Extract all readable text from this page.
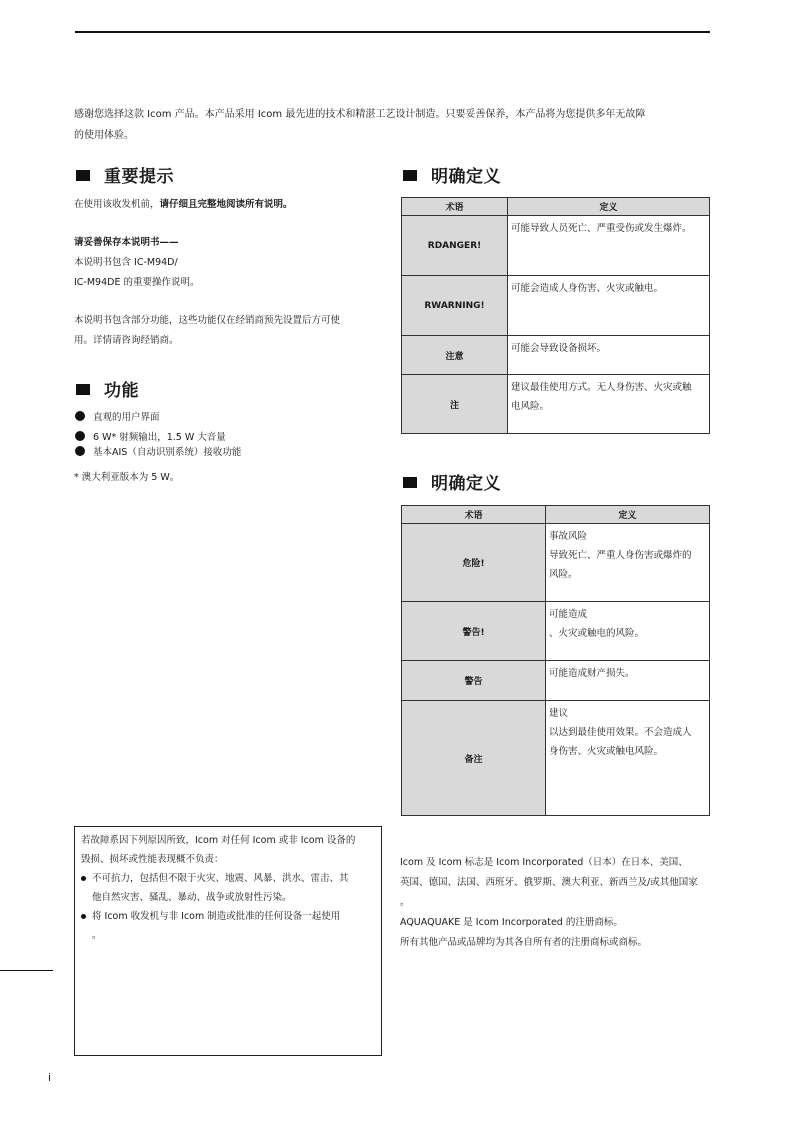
感谢您选择这款 Icom 产品。本产品采用 Icom 最先进的技术和精湛工艺设计制造。只要妥善保养，本产品将为您提供多年无故障
的使用体验。
重要提示
在使用该收发机前，请仔细且完整地阅读所有说明。
请妥善保存本说明书——
本说明书包含 IC-M94D/
IC-M94DE 的重要操作说明。
本说明书包含部分功能，这些功能仅在经销商预先设置后方可使
用。详情请咨询经销商。
功能
直观的用户界面
6 W* 射频输出，1.5 W 大音量
基本AIS（自动识别系统）接收功能
* 澳大利亚版本为 5 W。
明确定义
术语	定义
RDANGER!	可能导致人员死亡、严重受伤或发生爆炸。

RWARNING!	可能会造成人身伤害、火灾或触电。

注意	可能会导致设备损坏。

注	建议最佳使用方式。无人身伤害、火灾或触
电风险。
明确定义
术语	定义
危险!	事故风险
导致死亡、严重人身伤害或爆炸的
风险。

警告!	可能造成
、火灾或触电的风险。

警告	可能造成财产损失。

备注	建议
以达到最佳使用效果。不会造成人
身伤害、火灾或触电风险。
若故障系因下列原因所致，Icom 对任何 Icom 或非 Icom 设备的
毁损、损坏或性能表现概不负责：
不可抗力，包括但不限于火灾、地震、风暴、洪水、雷击、其
他自然灾害、骚乱、暴动、战争或放射性污染。
将 Icom 收发机与非 Icom 制造或批准的任何设备一起使用
。
Icom 及 Icom 标志是 Icom Incorporated（日本）在日本、美国、
英国、德国、法国、西班牙、俄罗斯、澳大利亚、新西兰及/或其他国家
。
AQUAQUAKE 是 Icom Incorporated 的注册商标。
所有其他产品或品牌均为其各自所有者的注册商标或商标。
i
